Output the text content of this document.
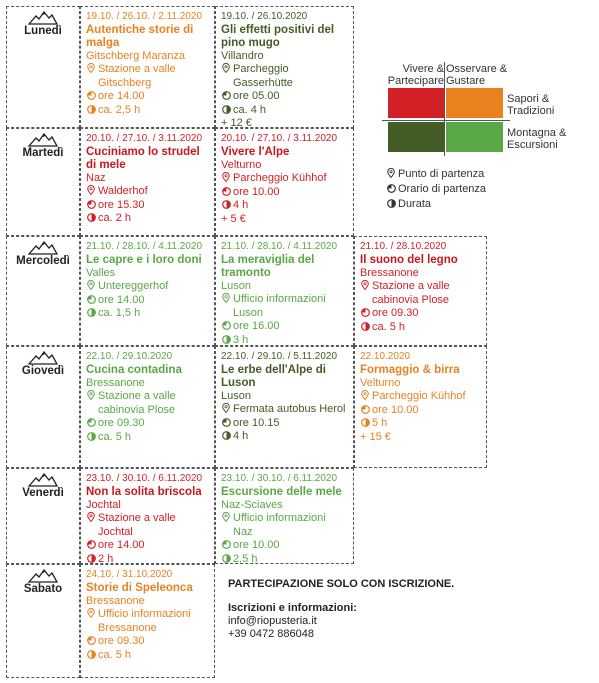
Vivere &
Partecipare
Osservare &
Gustare
Sapori &
Tradizioni
Montagna &
Escursioni
Punto di partenza
Orario di partenza
Durata
Lunedì
19.10. / 26.10. / 2.11.2020
Autentiche storie di malga
Gitschberg Maranza
Stazione a valle Gitschberg
ore 14.00
ca. 2,5 h
19.10. / 26.10.2020
Gli effetti positivi del pino mugo
Villandro
Parcheggio Gasserhütte
ore 05.00
ca. 4 h
+ 12 €
Martedì
20.10. / 27.10. / 3.11.2020
Cuciniamo lo strudel di mele
Naz
Walderhof
ore 15.30
ca. 2 h
20.10. / 27.10. / 3.11.2020
Vivere l'Alpe
Velturno
Parcheggio Kühhof
ore 10.00
4 h
+ 5 €
Mercoledì
21.10. / 28.10. / 4.11.2020
Le capre e i loro doni
Valles
Untereggerhof
ore 14.00
ca. 1,5 h
21.10. / 28.10. / 4.11.2020
La meraviglia del tramonto
Luson
Ufficio informazioni Luson
ore 16.00
3 h
21.10. / 28.10.2020
Il suono del legno
Bressanone
Stazione a valle cabinovia Plose
ore 09.30
ca. 5 h
Giovedì
22.10. / 29.10.2020
Cucina contadina
Bressanone
Stazione a valle cabinovia Plose
ore 09.30
ca. 5 h
22.10. / 29.10. / 5.11.2020
Le erbe dell'Alpe di Luson
Luson
Fermata autobus Herol
ore 10.15
4 h
22.10.2020
Formaggio & birra
Velturno
Parcheggio Kühhof
ore 10.00
5 h
+ 15 €
Venerdì
23.10. / 30.10. / 6.11.2020
Non la solita briscola
Jochtal
Stazione a valle Jochtal
ore 14.00
2 h
23.10. / 30.10. / 6.11.2020
Escursione delle mele
Naz-Sciaves
Ufficio informazioni Naz
ore 10.00
2,5 h
Sabato
24.10. / 31.10.2020
Storie di Speleonca
Bressanone
Ufficio informazioni Bressanone
ore 09.30
ca. 5 h
PARTECIPAZIONE SOLO CON ISCRIZIONE.
Iscrizioni e informazioni:
info@riopusteria.it
+39 0472 886048
